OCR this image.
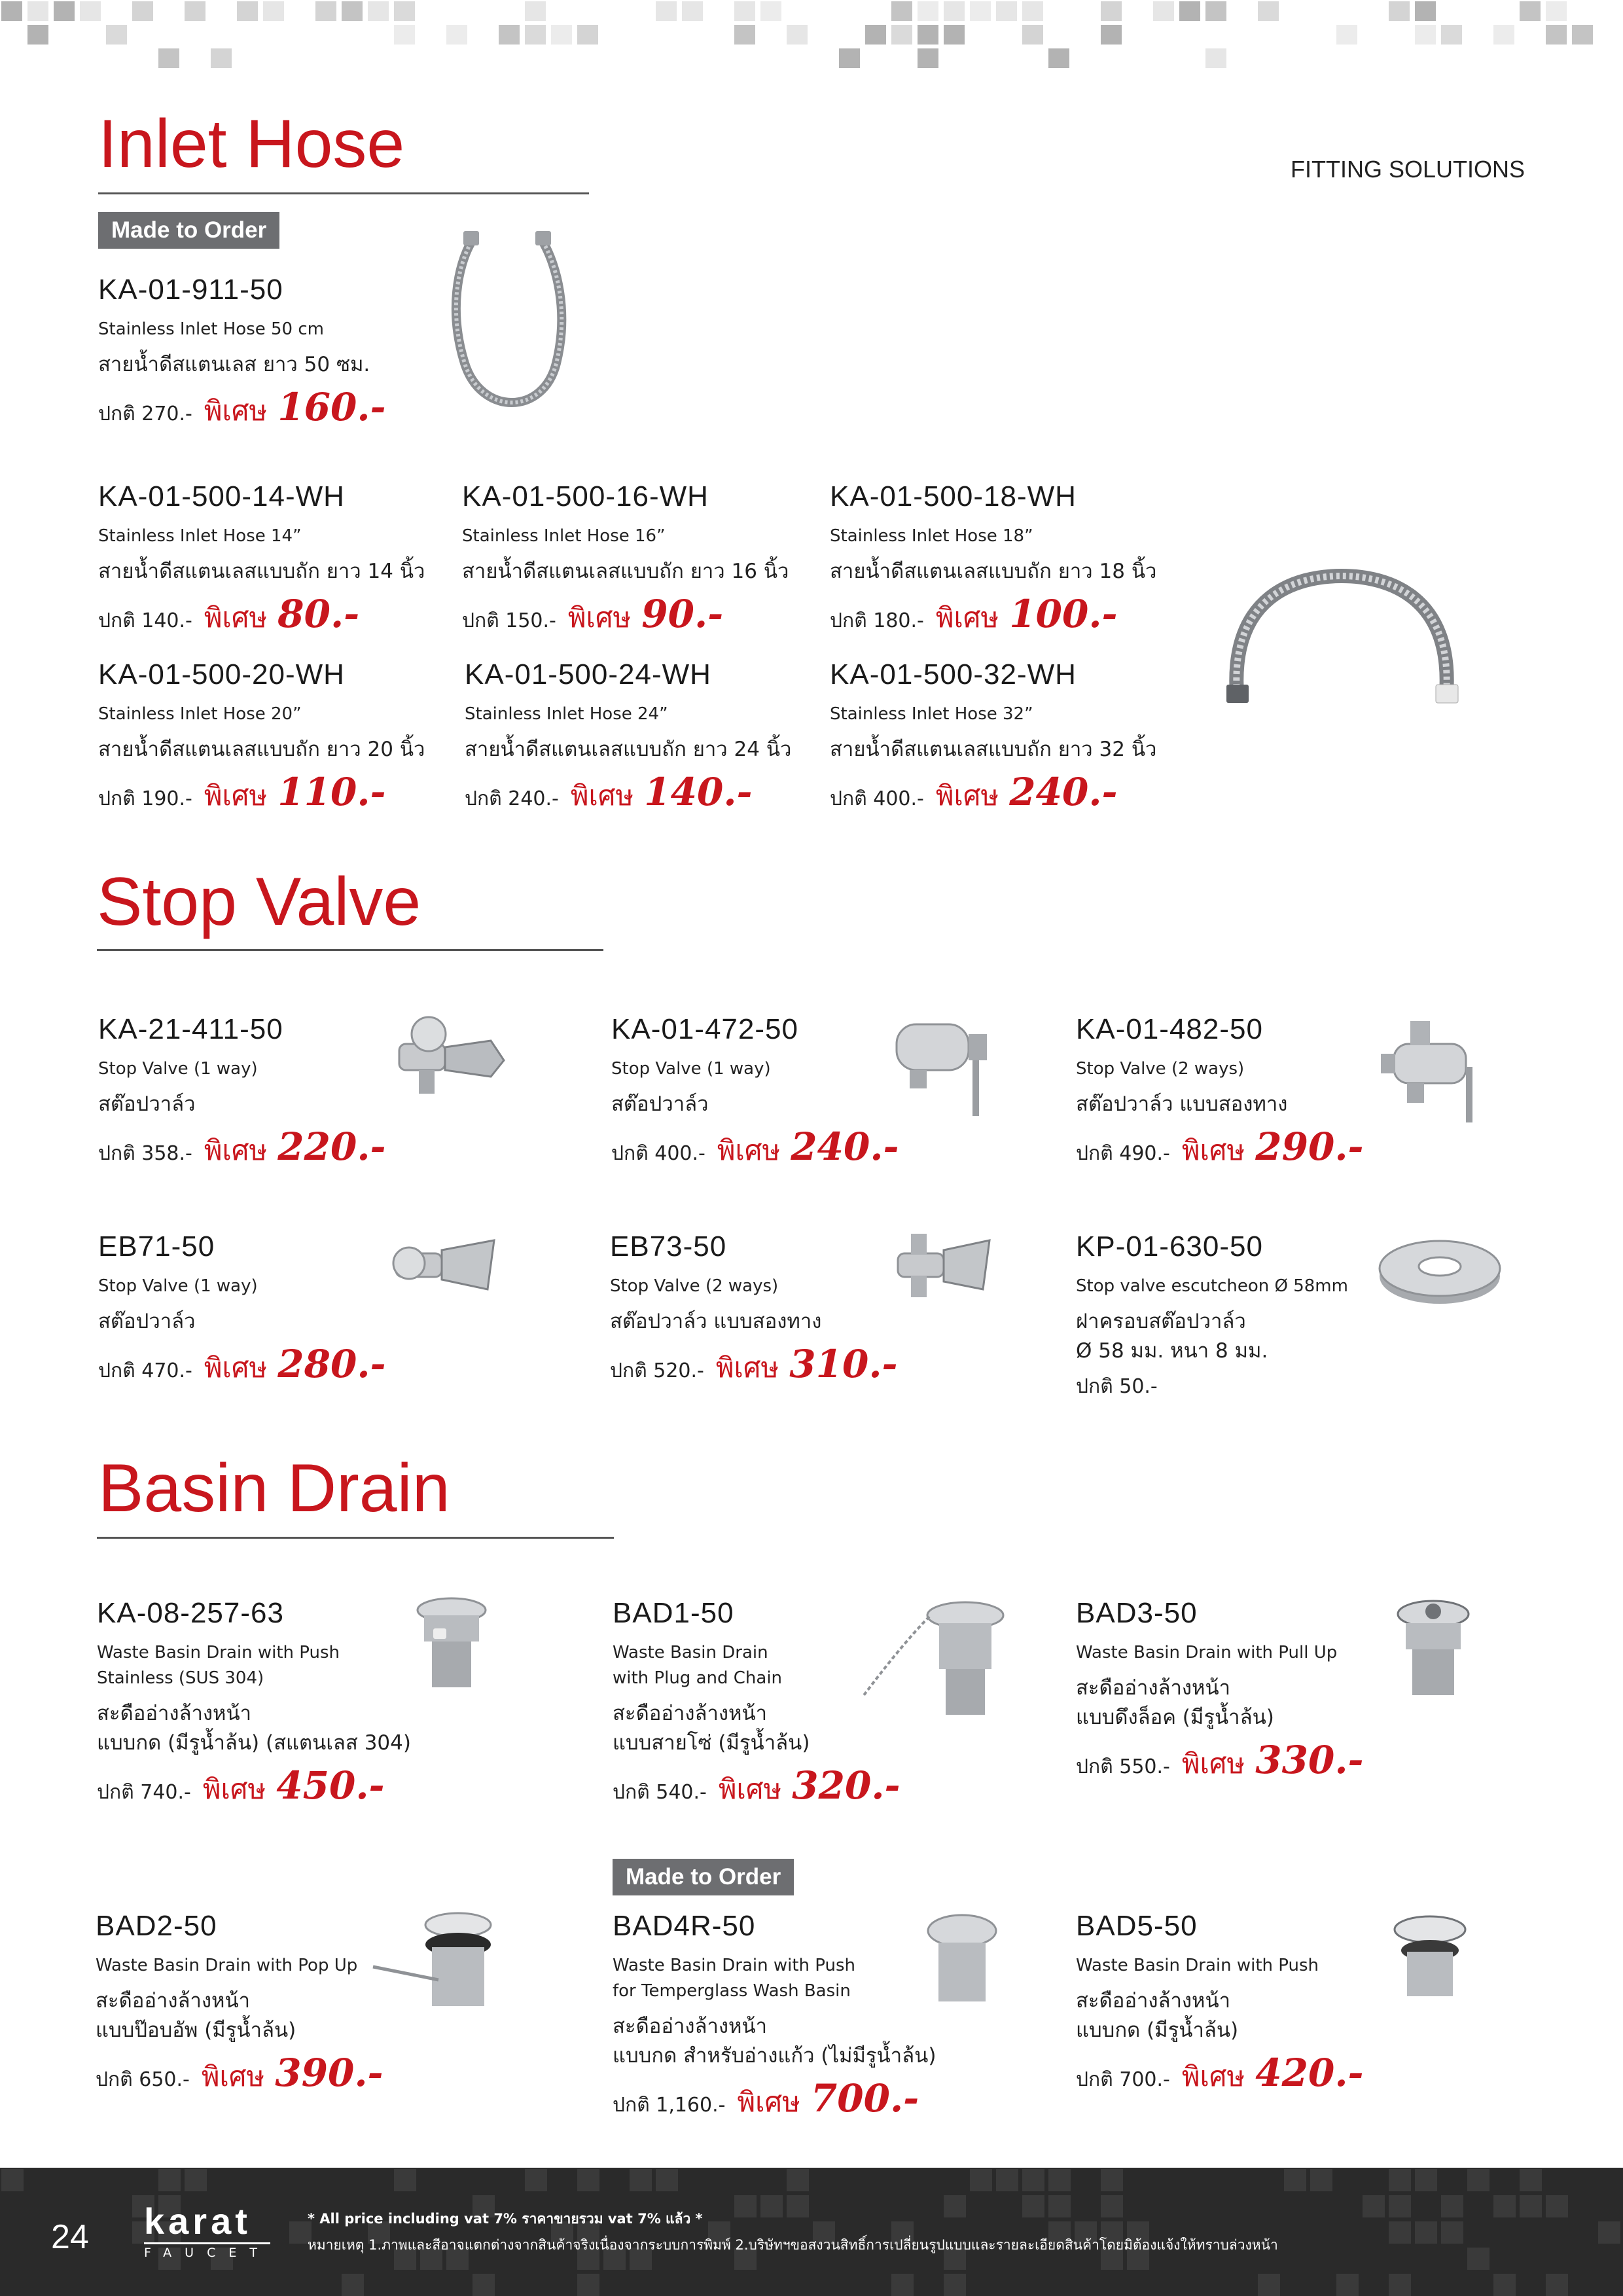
FITTING SOLUTIONS
Inlet Hose
Made to Order
KA-01-911-50
Stainless Inlet Hose 50 cm
สายน้ำดีสแตนเลส ยาว 50 ซม.
ปกติ 270.- พิเศษ 160.-
KA-01-500-14-WH
Stainless Inlet Hose 14”
สายน้ำดีสแตนเลสแบบถัก ยาว 14 นิ้ว
ปกติ 140.- พิเศษ 80.-
KA-01-500-16-WH
Stainless Inlet Hose 16”
สายน้ำดีสแตนเลสแบบถัก ยาว 16 นิ้ว
ปกติ 150.- พิเศษ 90.-
KA-01-500-18-WH
Stainless Inlet Hose 18”
สายน้ำดีสแตนเลสแบบถัก ยาว 18 นิ้ว
ปกติ 180.- พิเศษ 100.-
KA-01-500-20-WH
Stainless Inlet Hose 20”
สายน้ำดีสแตนเลสแบบถัก ยาว 20 นิ้ว
ปกติ 190.- พิเศษ 110.-
KA-01-500-24-WH
Stainless Inlet Hose 24”
สายน้ำดีสแตนเลสแบบถัก ยาว 24 นิ้ว
ปกติ 240.- พิเศษ 140.-
KA-01-500-32-WH
Stainless Inlet Hose 32”
สายน้ำดีสแตนเลสแบบถัก ยาว 32 นิ้ว
ปกติ 400.- พิเศษ 240.-
Stop Valve
KA-21-411-50
Stop Valve (1 way)
สต๊อปวาล์ว
ปกติ 358.- พิเศษ 220.-
KA-01-472-50
Stop Valve (1 way)
สต๊อปวาล์ว
ปกติ 400.- พิเศษ 240.-
KA-01-482-50
Stop Valve (2 ways)
สต๊อปวาล์ว แบบสองทาง
ปกติ 490.- พิเศษ 290.-
EB71-50
Stop Valve (1 way)
สต๊อปวาล์ว
ปกติ 470.- พิเศษ 280.-
EB73-50
Stop Valve (2 ways)
สต๊อปวาล์ว แบบสองทาง
ปกติ 520.- พิเศษ 310.-
KP-01-630-50
Stop valve escutcheon Ø 58mm
ฝาครอบสต๊อปวาล์ว
Ø 58 มม. หนา 8 มม.
ปกติ 50.-
Basin Drain
KA-08-257-63
Waste Basin Drain with Push
Stainless (SUS 304)
สะดืออ่างล้างหน้า
แบบกด (มีรูน้ำล้น) (สแตนเลส 304)
ปกติ 740.- พิเศษ 450.-
BAD1-50
Waste Basin Drain
with Plug and Chain
สะดืออ่างล้างหน้า
แบบสายโซ่ (มีรูน้ำล้น)
ปกติ 540.- พิเศษ 320.-
BAD3-50
Waste Basin Drain with Pull Up
สะดืออ่างล้างหน้า
แบบดึงล็อค (มีรูน้ำล้น)
ปกติ 550.- พิเศษ 330.-
Made to Order
BAD2-50
Waste Basin Drain with Pop Up
สะดืออ่างล้างหน้า
แบบป๊อบอัพ (มีรูน้ำล้น)
ปกติ 650.- พิเศษ 390.-
BAD4R-50
Waste Basin Drain with Push
for Temperglass Wash Basin
สะดืออ่างล้างหน้า
แบบกด สำหรับอ่างแก้ว (ไม่มีรูน้ำล้น)
ปกติ 1,160.- พิเศษ 700.-
BAD5-50
Waste Basin Drain with Push
สะดืออ่างล้างหน้า
แบบกด (มีรูน้ำล้น)
ปกติ 700.- พิเศษ 420.-
24 karat
FAUCET
* All price including vat 7% ราคาขายรวม vat 7% แล้ว *
หมายเหตุ 1.ภาพและสีอาจแตกต่างจากสินค้าจริงเนื่องจากระบบการพิมพ์ 2.บริษัทฯขอสงวนสิทธิ์การเปลี่ยนรูปแบบและรายละเอียดสินค้าโดยมิต้องแจ้งให้ทราบล่วงหน้า
